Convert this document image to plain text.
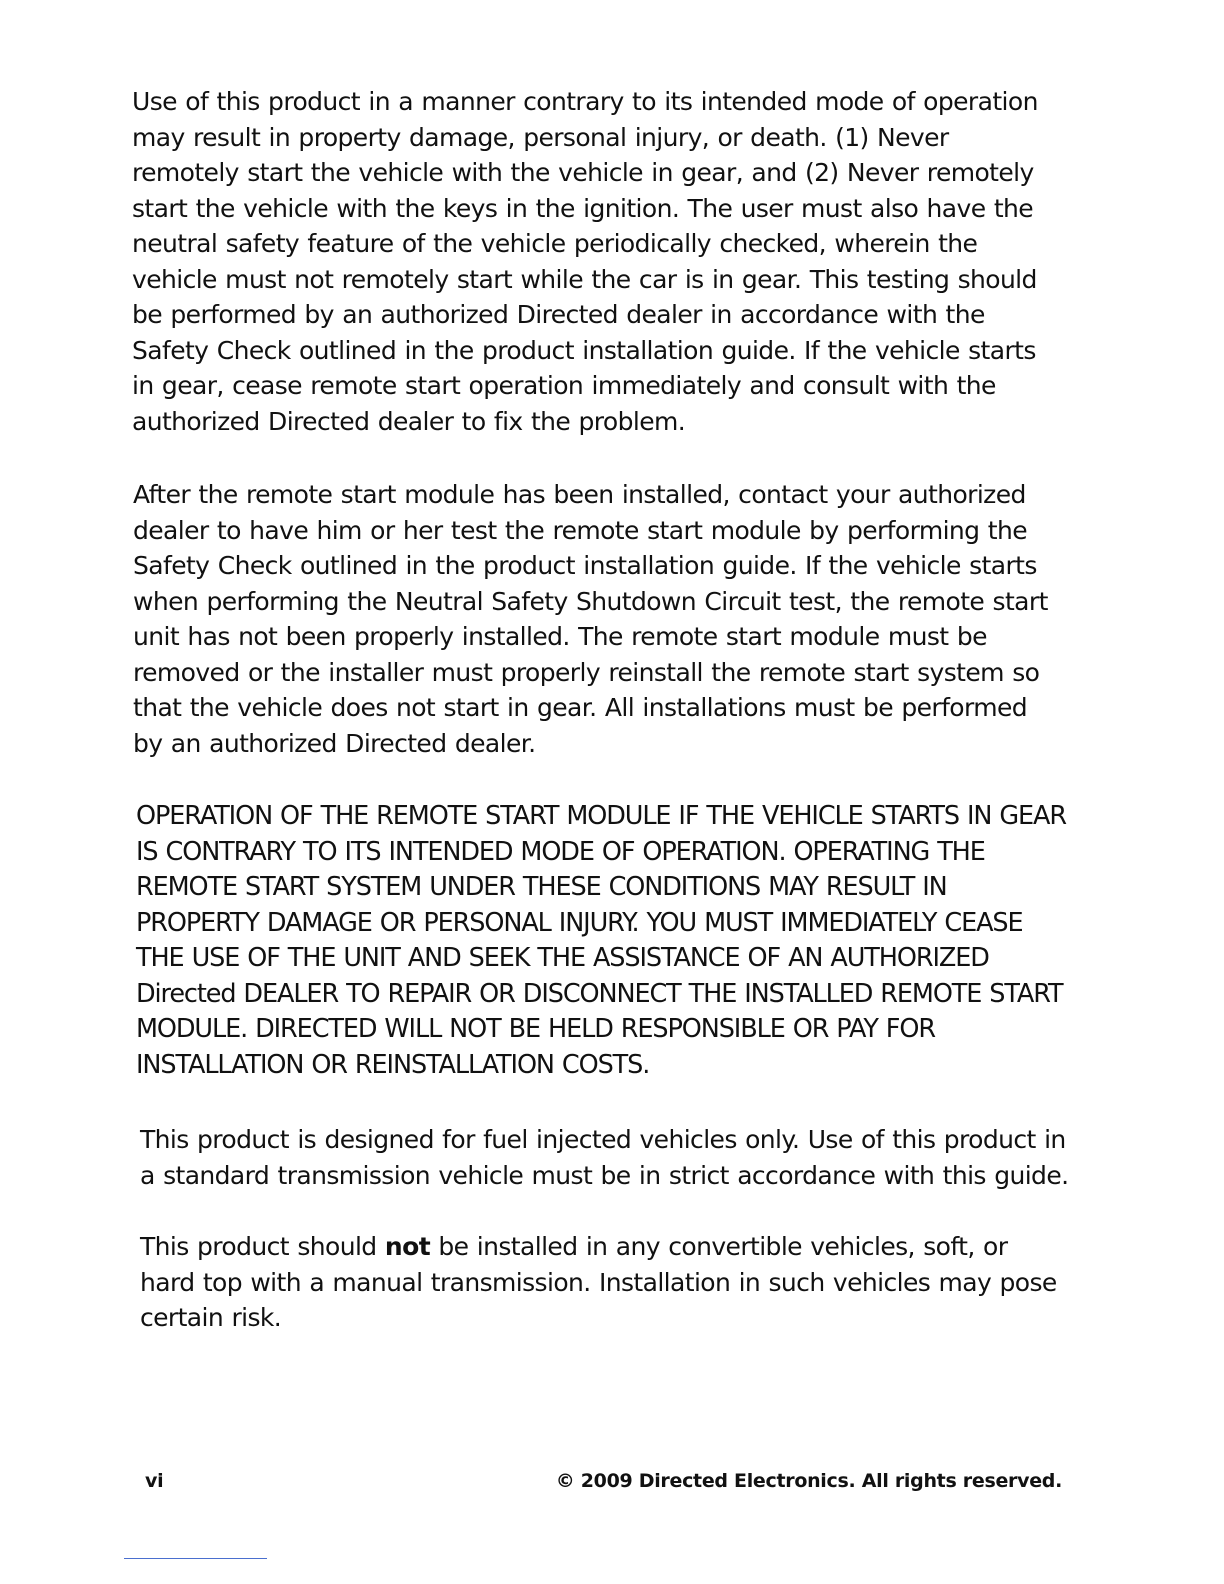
Use of this product in a manner contrary to its intended mode of operation may result in property damage, personal injury, or death. (1) Never remotely start the vehicle with the vehicle in gear, and (2) Never remotely start the vehicle with the keys in the ignition. The user must also have the neutral safety feature of the vehicle periodically checked, wherein the vehicle must not remotely start while the car is in gear. This testing should be performed by an authorized Directed dealer in accordance with the Safety Check outlined in the product installation guide. If the vehicle starts in gear, cease remote start operation immediately and consult with the authorized Directed dealer to fix the problem.

After the remote start module has been installed, contact your authorized dealer to have him or her test the remote start module by performing the Safety Check outlined in the product installation guide. If the vehicle starts when performing the Neutral Safety Shutdown Circuit test, the remote start unit has not been properly installed. The remote start module must be removed or the installer must properly reinstall the remote start system so that the vehicle does not start in gear. All installations must be performed by an authorized Directed dealer.

OPERATION OF THE REMOTE START MODULE IF THE VEHICLE STARTS IN GEAR IS CONTRARY TO ITS INTENDED MODE OF OPERATION. OPERATING THE REMOTE START SYSTEM UNDER THESE CONDITIONS MAY RESULT IN PROPERTY DAMAGE OR PERSONAL INJURY. YOU MUST IMMEDIATELY CEASE THE USE OF THE UNIT AND SEEK THE ASSISTANCE OF AN AUTHORIZED Directed DEALER TO REPAIR OR DISCONNECT THE INSTALLED REMOTE START MODULE. DIRECTED WILL NOT BE HELD RESPONSIBLE OR PAY FOR INSTALLATION OR REINSTALLATION COSTS.

This product is designed for fuel injected vehicles only. Use of this product in a standard transmission vehicle must be in strict accordance with this guide.

This product should not be installed in any convertible vehicles, soft, or hard top with a manual transmission. Installation in such vehicles may pose certain risk.

vi	© 2009 Directed Electronics. All rights reserved.
